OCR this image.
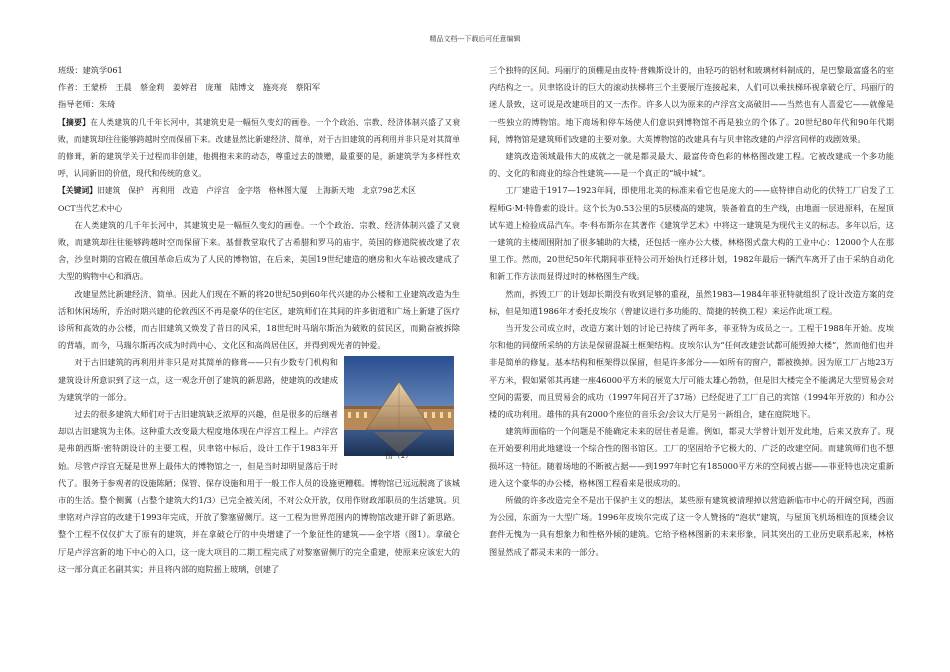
精品文档---下载后可任意编辑

班级：建筑学061

作者：王蒙桥　王晨　蔡金莉　姜婷君　庞瑾　陆博文　施亮亮　蔡阳军

指导老师：朱琦

【摘要】在人类建筑的几千年长河中，其建筑史是一幅恒久变幻的画卷。一个个政治、宗教、经济体制兴盛了又衰败，而建筑却往往能够跨越时空而保留下来。改建显然比新建经济、简单，对于古旧建筑的再利用并非只是对其简单的修葺，新的建筑学关于过程而非创建，他拥抱未来的动态，尊重过去的馈赠，最重要的是，新建筑学为多样性欢呼，认同新旧的价值，现代和传统的意义。

【关键词】旧建筑　保护　再利用　改造　卢浮宫　金字塔　格林图大厦　上海新天地　北京798艺术区

OCT当代艺术中心

在人类建筑的几千年长河中，其建筑史是一幅恒久变幻的画卷。一个个政治、宗教、经济体制兴盛了又衰败，而建筑却往往能够跨越时空而保留下来。基督教堂取代了古希腊和罗马的庙宇，英国的修道院被改建了农舍，沙皇时期的宫殿在俄国革命后成为了人民的博物馆，在后来，美国19世纪建造的磨房和火车站被改建成了大型的购物中心和酒店。

改建显然比新建经济、简单。因此人们现在不断的将20世纪50到60年代兴建的办公楼和工业建筑改造为生活和休闲场所，乔治时期兴建的伦敦西区不再是豪华的住宅区，建筑师们在其间的许多街道和广场上新建了医疗诊所和高效的办公楼，而古旧建筑又焕发了昔日的风采，18世纪时马瑞尔斯治为破败的贫民区，而勤奋被拆除的背墙，而今，马瑞尔斯再次成为时尚中心、文化区和高尚居住区，并得到观光者的钟爱。

图（1）

对于古旧建筑的再利用并非只是对其简单的修葺——只有少数专门机构和建筑设计所意识到了这一点，这一观念开创了建筑的新思路，使建筑的改建成为建筑学的一部分。

过去的很多建筑大师们对于古旧建筑缺乏浓厚的兴趣，但是很多的后继者却以古旧建筑为主体。这种重大改变最大程度地体现在卢浮宫工程上。卢浮宫是弗朗西斯·密特朗设计的主要工程，贝聿铭中标后，设计工作于1983年开始。尽管卢浮宫无疑是世界上最伟大的博物馆之一，但是当时却明显落后于时代了。服务于参观者的设施陈陋；保管、保存设施和用于一般工作人员的设施更糟糕。博物馆已远远脱离了该城市的生活。整个侧翼（占整个建筑大约1/3）已完全被关闭，不对公众开放，仅用作财政部职员的生活建筑。贝聿铭对卢浮宫的改建于1993年完成，开放了黎塞留侧厅。这一工程为世界范围内的博物馆改建开辟了新思路。整个工程不仅仅扩大了原有的建筑，并在拿破仑厅的中央增建了一个象征性的建筑——金字塔（图1）。拿破仑厅是卢浮宫新的地下中心的入口，这一庞大项目的二期工程完成了对黎塞留侧厅的完全重建，使原来应该宏大的这一部分真正名副其实；并且将内部的庭院摇上玻璃，创建了

三个独特的区间。玛丽厅的顶棚是由皮特·普赖斯设计的，由轻巧的铝材和玻璃材料制成的，是巴黎最富盛名的室内结构之一。贝聿铭设计的巨大的滚动扶梯将三个主要展厅连接起来，人们可以乘扶梯环视拿破仑厅、玛丽厅的迷人景致，这可说是改建项目的又一杰作。许多人以为原来的卢浮宫文高破旧——当然也有人喜爱它——就像是一些独立的博物馆。地下商场和停车场使人们意识到博物馆不再是独立的个体了。20世纪80年代和90年代期间，博物馆是建筑师们改建的主要对象。大英博物馆的改建具有与贝聿铭改建的卢浮宫同样的戏剧效果。

建筑改造领域最伟大的成就之一就是都灵最大、最富传奇色彩的林格图改建工程。它被改建成一个多功能的、文化的和商业的综合性建筑——是一个真正的“城中城”。

工厂建造于1917—1923年间，即使用北美的标准来看它也是庞大的——底特律自动化的伏特工厂启发了工程师G·M·特鲁索的设计。这个长为0.53公里的5层楼高的建筑，装备着直的生产线，由地面一层进原料，在屋顶试车道上检验成品汽车。李·科布斯尔在其著作《建筑学艺术》中将这一建筑是为现代主义的标志。多年以后，这一建筑的主楼周围附加了很多辅助的大楼，还包括一座办公大楼，林格图式盘大构的工业中心：12000个人在那里工作。然而，20世纪50年代期间菲亚特公司开始执行迁移计划，1982年最后一辆汽车离开了由于采纳自动化和新工作方法而显得过时的林格图生产线。

然而，拆毁工厂的计划却长期没有收到足够的重视，虽然1983—1984年菲亚特就组织了设计改造方案的竞标，但是知道1986年才委托皮埃尔（曾建议进行多功能的、简捷的转换工程）来运作此项工程。

当开发公司成立时，改造方案计划的讨论已持续了两年多，菲亚特为成员之一。工程于1988年开始。皮埃尔和他的同僚所采纳的方法是保留混凝土框架结构。皮埃尔认为“任何改建尝试都可能毁掉大楼”，然而他们也并非是简单的修复。基本结构和框架得以保留，但是许多部分——如所有的窗户，都被换掉。因为原工厂占地23万平方米，假如紧邻其再建一座46000平方米的展览大厅可能太雄心勃勃，但是旧大楼完全不能满足大型贸易会对空间的需要，而且贸易会的成功（1997年间召开了37场）已经促进了工厂自己的宾馆（1994年开放的）和办公楼的成功利用。雄伟的具有2000个座位的音乐会/会议大厅是另一新组合，建在庭院地下。

建筑师面临的一个问题是不能确定未来的居住者是谁。例如，都灵大学曾计划开发此地，后来又放弃了。现在开始要利用此地建设一个综合性的图书馆区。工厂的坚固给予它极大的、广泛的改建空间。而建筑师们也不想损坏这一特征。随着场地的不断被占据——到1997年时它有185000平方米的空间被占据——菲亚特也决定重新进入这个豪华的办公楼，格林图工程看来是很成功的。

所做的许多改造完全不是出于保护主义的想法，某些原有建筑被清理掉以营造新临市中心的开阔空间，西面为公园，东面为一大型广场。1996年皮埃尔完成了这一令人赞扬的“泡状”建筑，与屋顶飞机场相连的顶楼会议套件无愧为一具有想象力和性格外倾的建筑。它给予格林图新的未来形象，同其突出的工业历史联系起来，林格图显然成了都灵未来的一部分。
